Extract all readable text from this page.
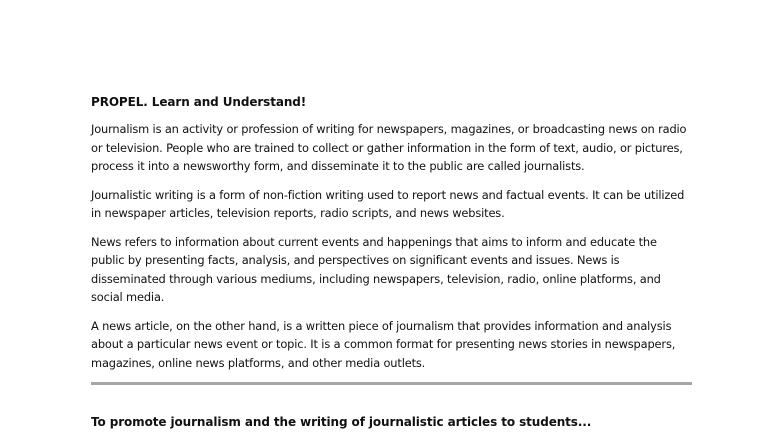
PROPEL. Learn and Understand!

Journalism is an activity or profession of writing for newspapers, magazines, or broadcasting news on radio or television. People who are trained to collect or gather information in the form of text, audio, or pictures, process it into a newsworthy form, and disseminate it to the public are called journalists.

Journalistic writing is a form of non-fiction writing used to report news and factual events. It can be utilized in newspaper articles, television reports, radio scripts, and news websites.

News refers to information about current events and happenings that aims to inform and educate the public by presenting facts, analysis, and perspectives on significant events and issues. News is disseminated through various mediums, including newspapers, television, radio, online platforms, and social media.

A news article, on the other hand, is a written piece of journalism that provides information and analysis about a particular news event or topic. It is a common format for presenting news stories in newspapers, magazines, online news platforms, and other media outlets.

To promote journalism and the writing of journalistic articles to students...
